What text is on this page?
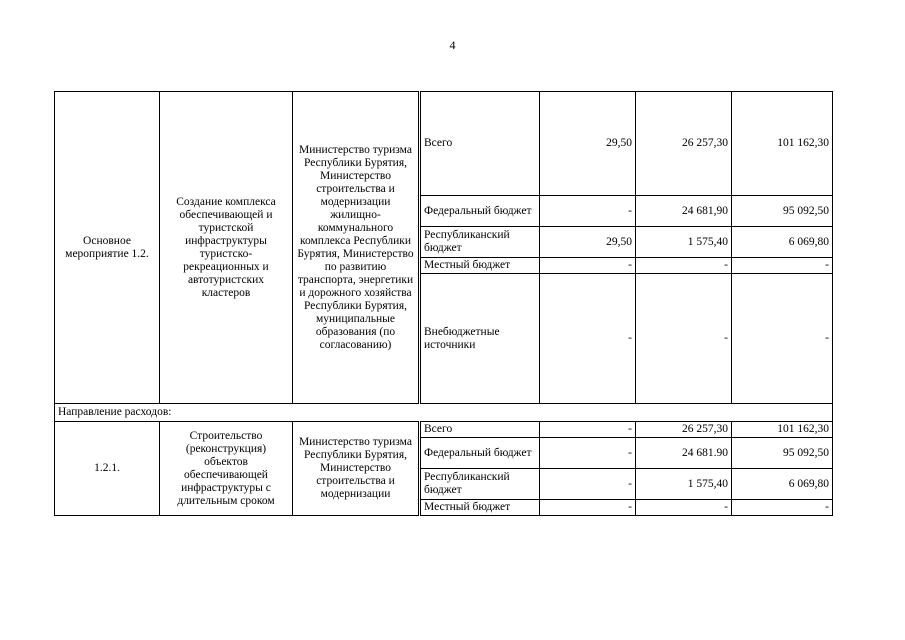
4
Основное мероприятие 1.2.	Создание комплекса обеспечивающей и туристской инфраструктуры туристско-рекреационных и автотуристских кластеров	Министерство туризма Республики Бурятия, Министерство строительства и модернизации жилищно-коммунального комплекса Республики Бурятия, Министерство по развитию транспорта, энергетики и дорожного хозяйства Республики Бурятия, муниципальные образования (по согласованию)	Всего	29,50	26 257,30	101 162,30
			Федеральный бюджет	-	24 681,90	95 092,50
			Республиканский бюджет	29,50	1 575,40	6 069,80
			Местный бюджет	-	-	-
			Внебюджетные источники	-	-	-
Направление расходов:						
1.2.1.	Строительство (реконструкция) объектов обеспечивающей инфраструктуры с длительным сроком	Министерство туризма Республики Бурятия, Министерство строительства и модернизации	Всего	-	26 257,30	101 162,30
			Федеральный бюджет	-	24 681.90	95 092,50
			Республиканский бюджет	-	1 575,40	6 069,80
			Местный бюджет	-	-	-
